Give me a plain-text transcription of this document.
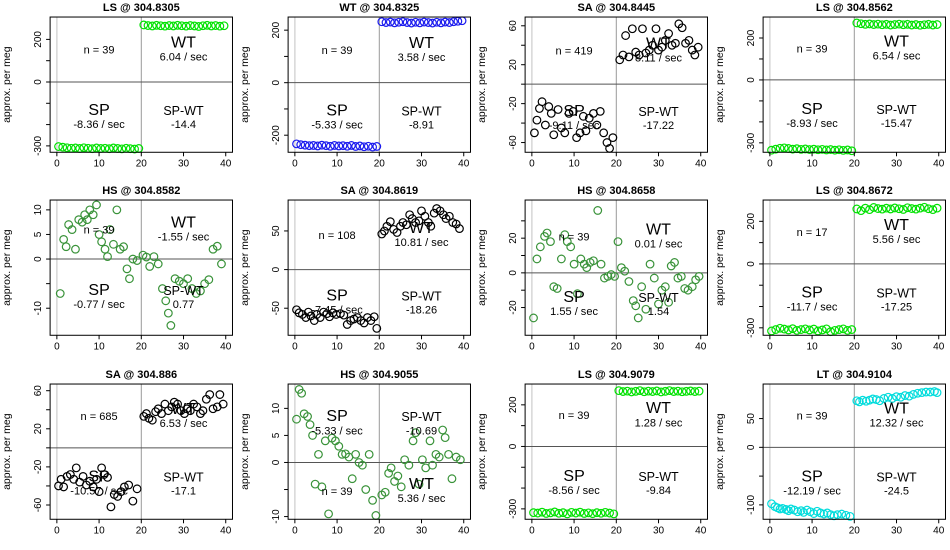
LS @ 304.8305
approx. per meg
0	10	20	30	40
-300
0
200
n = 39	WT
6.04 / sec
SP
-8.36 / sec
SP-WT
-14.4
WT @ 304.8325
approx. per meg
0	10	20	30	40
-200
0
200
n = 39	WT
3.58 / sec
SP
-5.33 / sec
SP-WT
-8.91
SA @ 304.8445
approx. per meg
0	10	20	30	40
-60
-20
20
60
n = 419	WT
8.11 / sec
SP
-9.11 / sec
SP-WT
-17.22
LS @ 304.8562
approx. per meg
0	10	20	30	40
-300
0
200
n = 39	WT
6.54 / sec
SP
-8.93 / sec
SP-WT
-15.47
HS @ 304.8582
approx. per meg
0	10	20	30	40
-10
0
5
10
n = 39	WT
-1.55 / sec
SP
-0.77 / sec
SP-WT
0.77
SA @ 304.8619
approx. per meg
0	10	20	30	40
-50
0
50	n = 108	WT
10.81 / sec
SP
-7.45 / sec
SP-WT
-18.26
HS @ 304.8658
approx. per meg
0	10	20	30	40
-20
0
20	n = 39	WT
0.01 / sec
SP
1.55 / sec
SP-WT
1.54
LS @ 304.8672
approx. per meg
0	10	20	30	40
-300
0
200
n = 17	WT
5.56 / sec
SP
-11.7 / sec
SP-WT
-17.25
SA @ 304.886
approx. per meg
0	10	20	30	40
-60
-20
20
60
n = 685	WT
6.53 / sec
SP
-10.57 / sec
SP-WT
-17.1
HS @ 304.9055
approx. per meg
0	10	20	30	40
-10
0
5
10	SP
-5.33 / sec
SP-WT
-10.69
n = 39	WT
5.36 / sec
LS @ 304.9079
approx. per meg
0	10	20	30	40
-300
0
200
n = 39	WT
1.28 / sec
SP
-8.56 / sec
SP-WT
-9.84
LT @ 304.9104
approx. per meg
0	10	20	30	40
-100
0
50	n = 39	WT
12.32 / sec
SP
-12.19 / sec
SP-WT
-24.5
